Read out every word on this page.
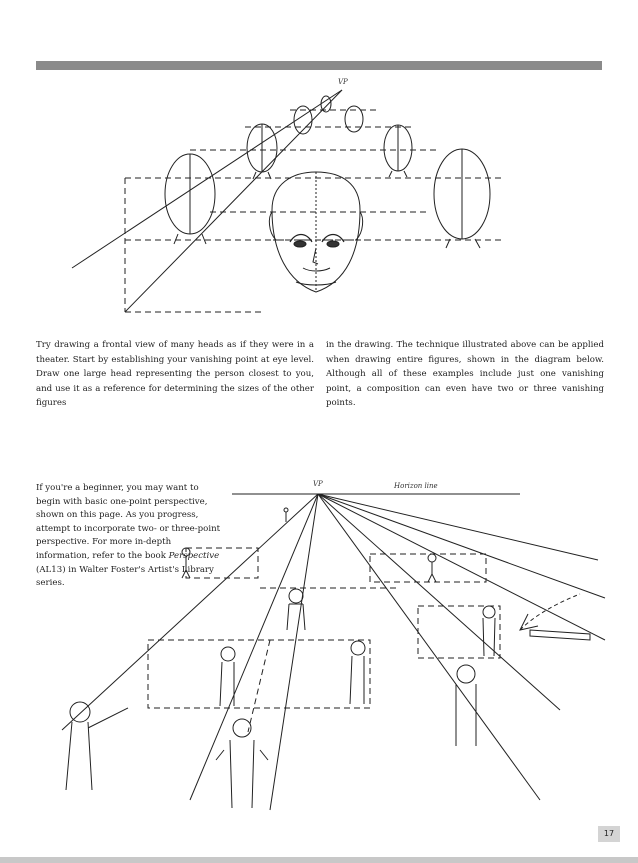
VP

Try drawing a frontal view of many heads as if they were in a theater. Start by establishing your vanishing point at eye level. Draw one large head representing the person closest to you, and use it as a reference for determining the sizes of the other figures

in the drawing. The technique illustrated above can be applied when drawing entire figures, shown in the diagram below. Although all of these examples include just one vanishing point, a composition can even have two or three vanishing points.

VP	Horizon line

If you're a beginner, you may want to begin with basic one-point perspective, shown on this page. As you progress, attempt to incorporate two- or three-point perspective. For more in-depth information, refer to the book Perspective (AL13) in Walter Foster's Artist's Library series.

17
